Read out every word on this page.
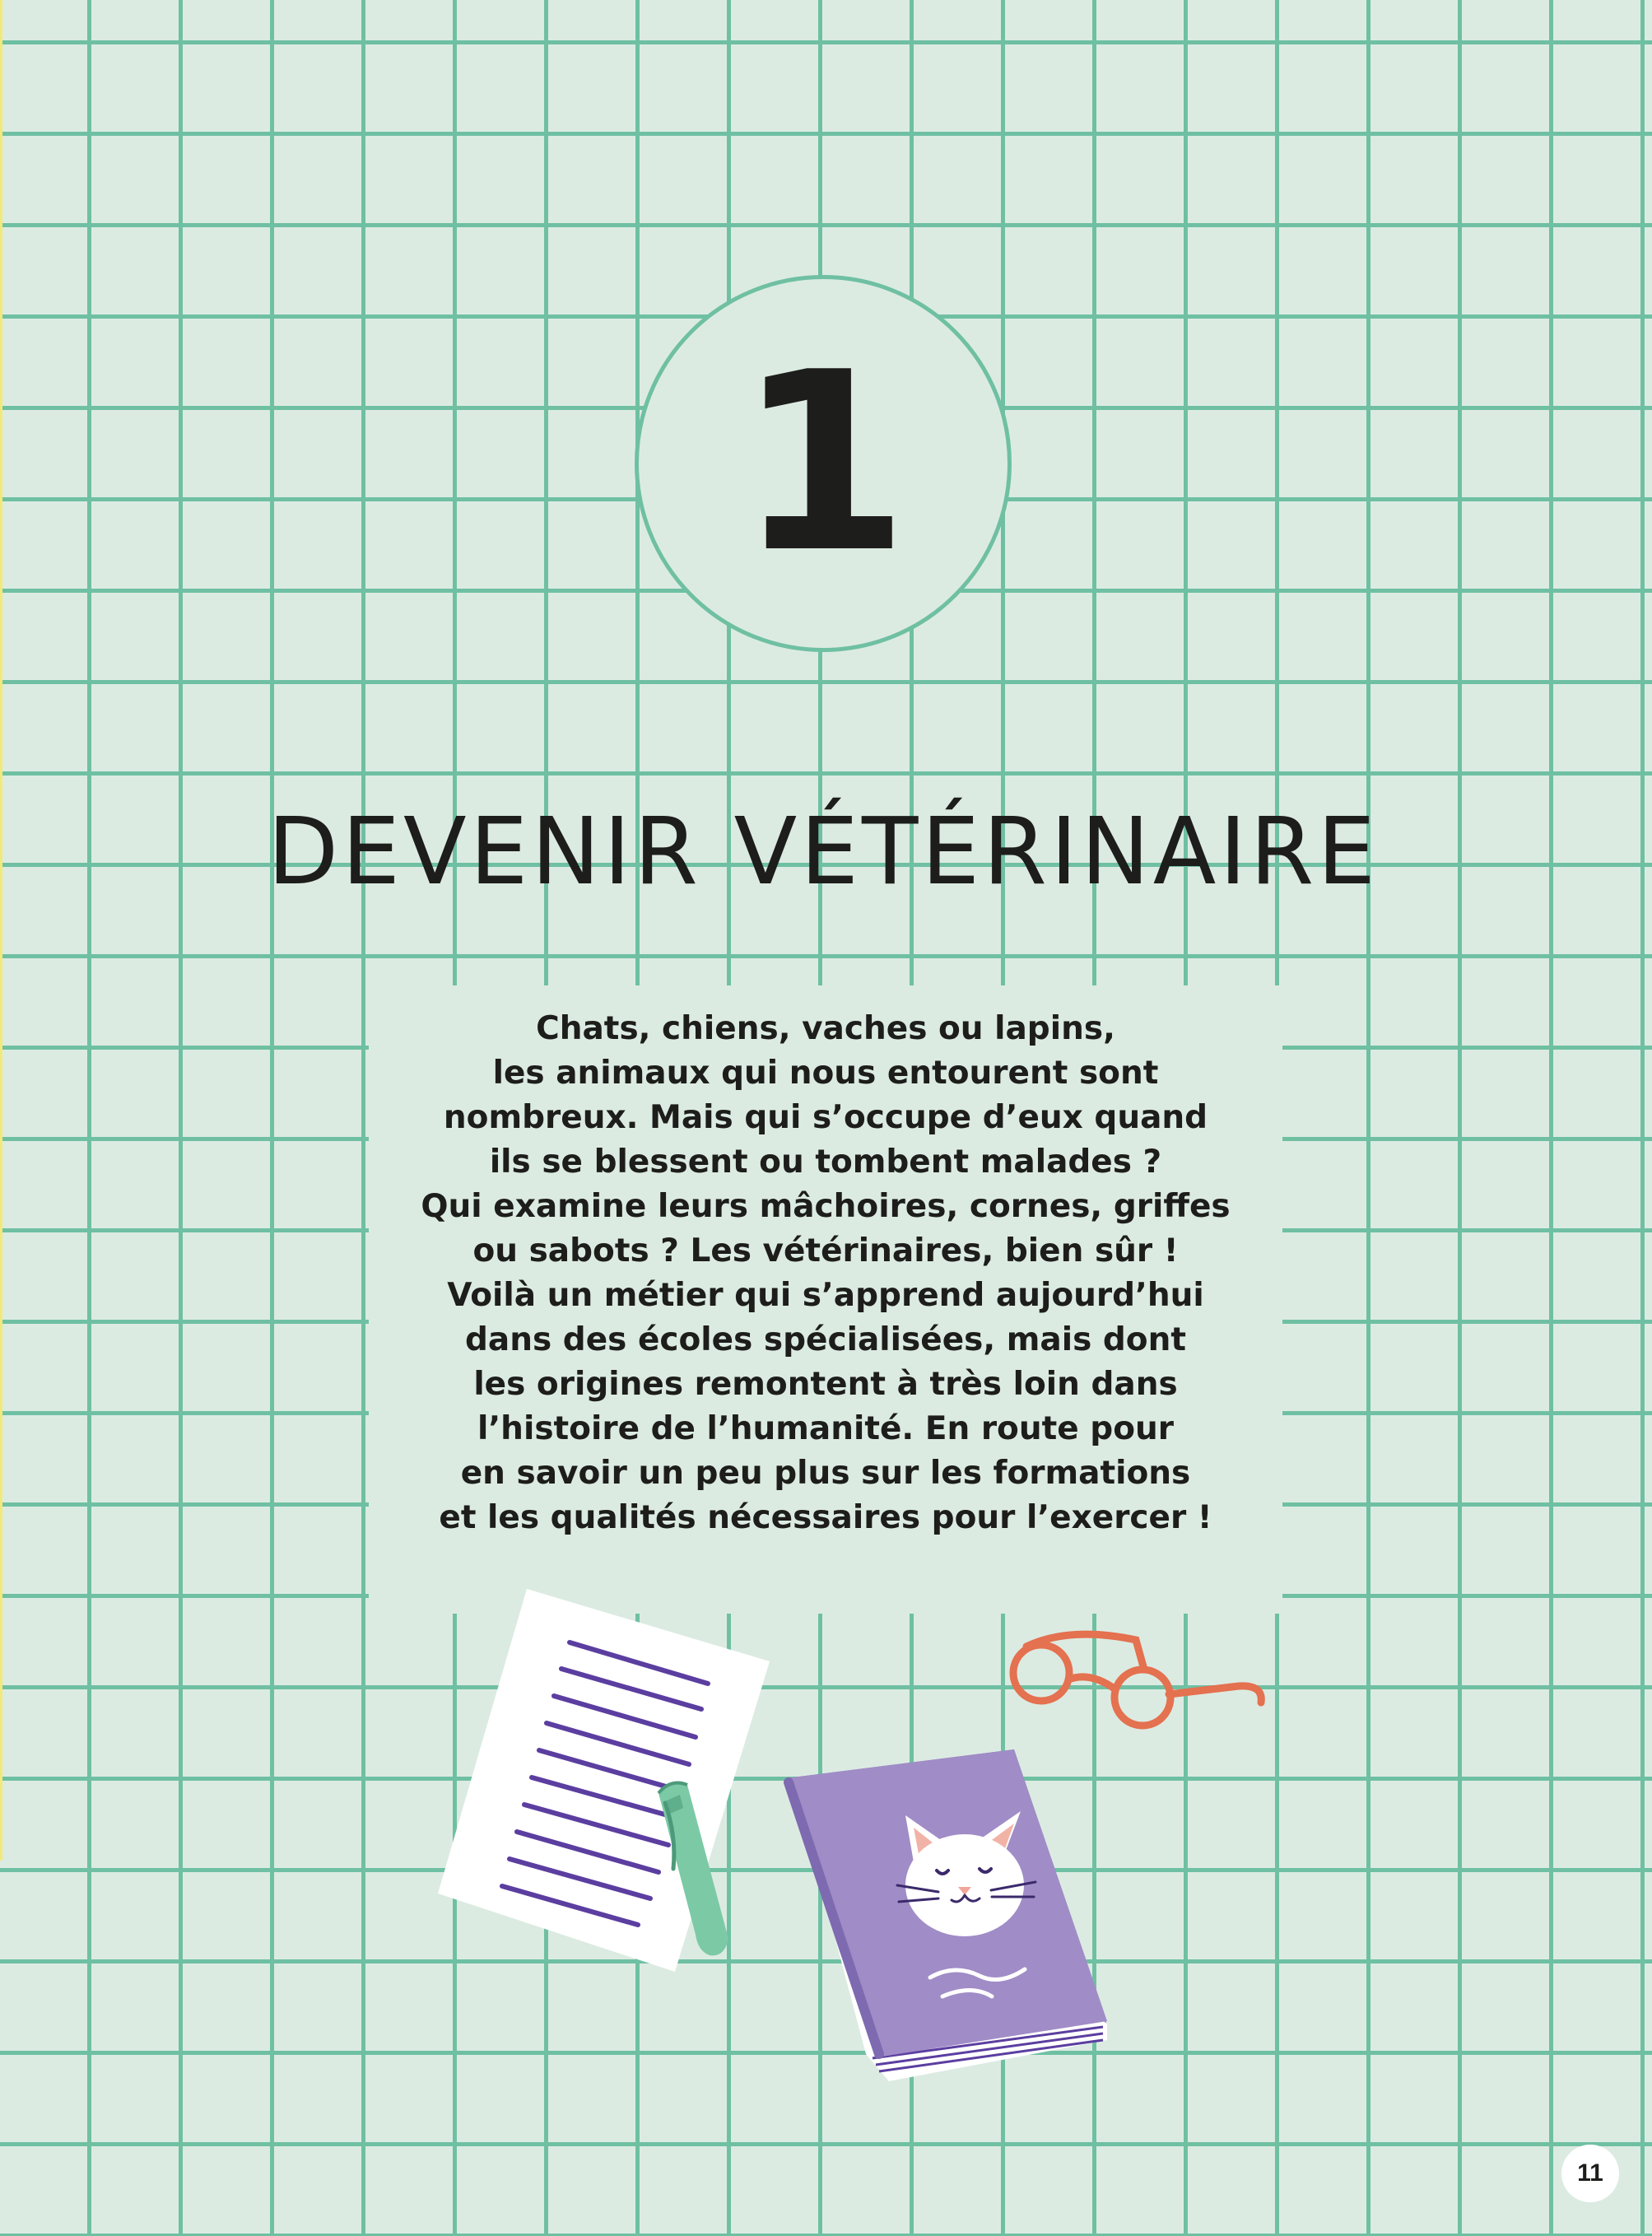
1
DEVENIR VÉTÉRINAIRE
Chats, chiens, vaches ou lapins,
les animaux qui nous entourent sont
nombreux. Mais qui s’occupe d’eux quand
ils se blessent ou tombent malades ?
Qui examine leurs mâchoires, cornes, griffes
ou sabots ? Les vétérinaires, bien sûr !
Voilà un métier qui s’apprend aujourd’hui
dans des écoles spécialisées, mais dont
les origines remontent à très loin dans
l’histoire de l’humanité. En route pour
en savoir un peu plus sur les formations
et les qualités nécessaires pour l’exercer !
11
